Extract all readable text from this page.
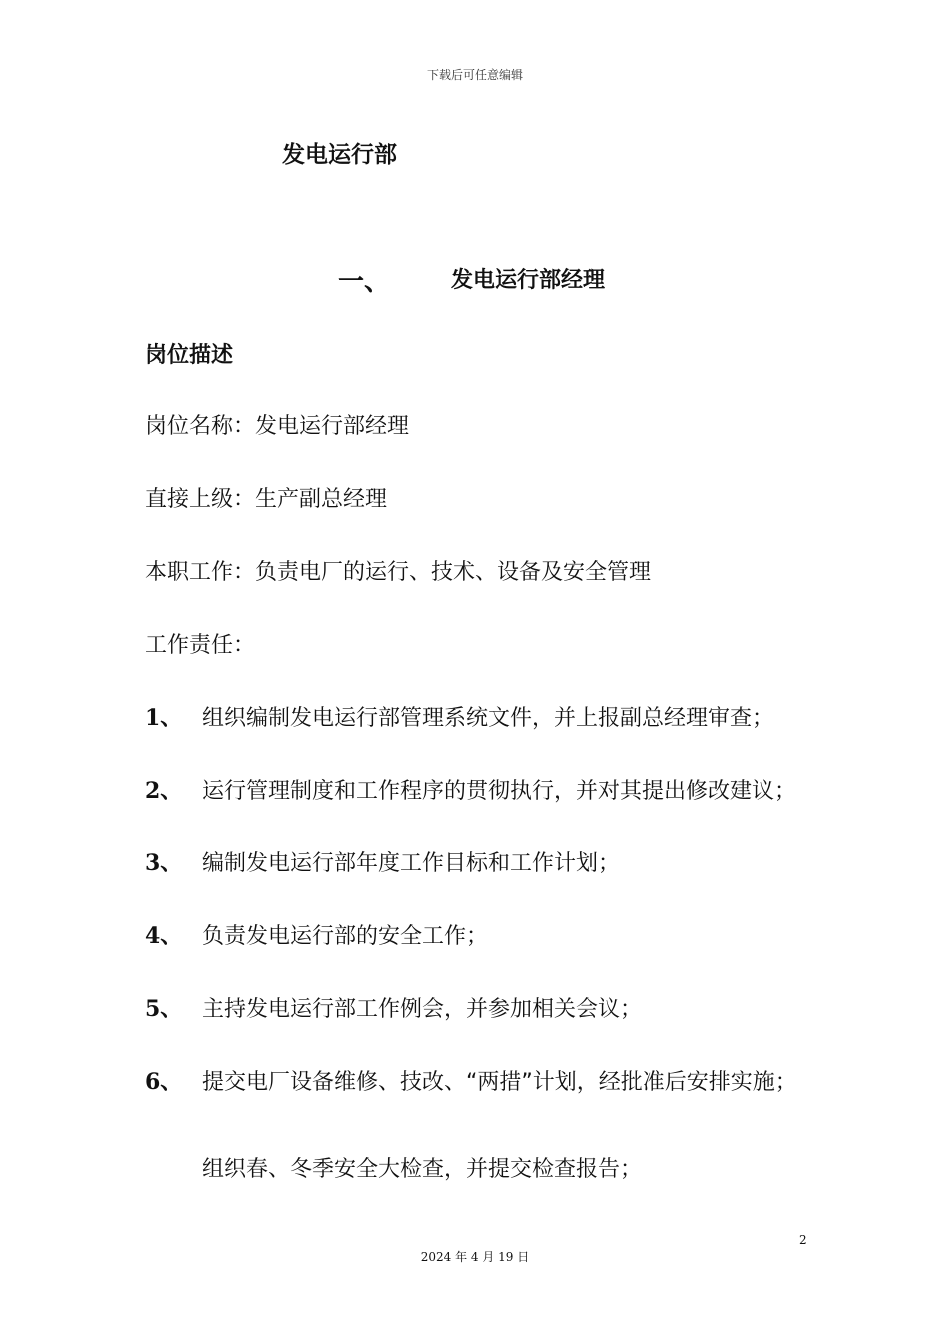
下载后可任意编辑
发电运行部
一、	发电运行部经理
岗位描述
岗位名称：发电运行部经理
直接上级：生产副总经理
本职工作：负责电厂的运行、技术、设备及安全管理
工作责任：
1、 组织编制发电运行部管理系统文件，并上报副总经理审查；
2、 运行管理制度和工作程序的贯彻执行，并对其提出修改建议；
3、 编制发电运行部年度工作目标和工作计划；
4、 负责发电运行部的安全工作；
5、 主持发电运行部工作例会，并参加相关会议；
6、 提交电厂设备维修、技改、“两措”计划，经批准后安排实施；
组织春、冬季安全大检查，并提交检查报告；
2
2024 年 4 月 19 日
